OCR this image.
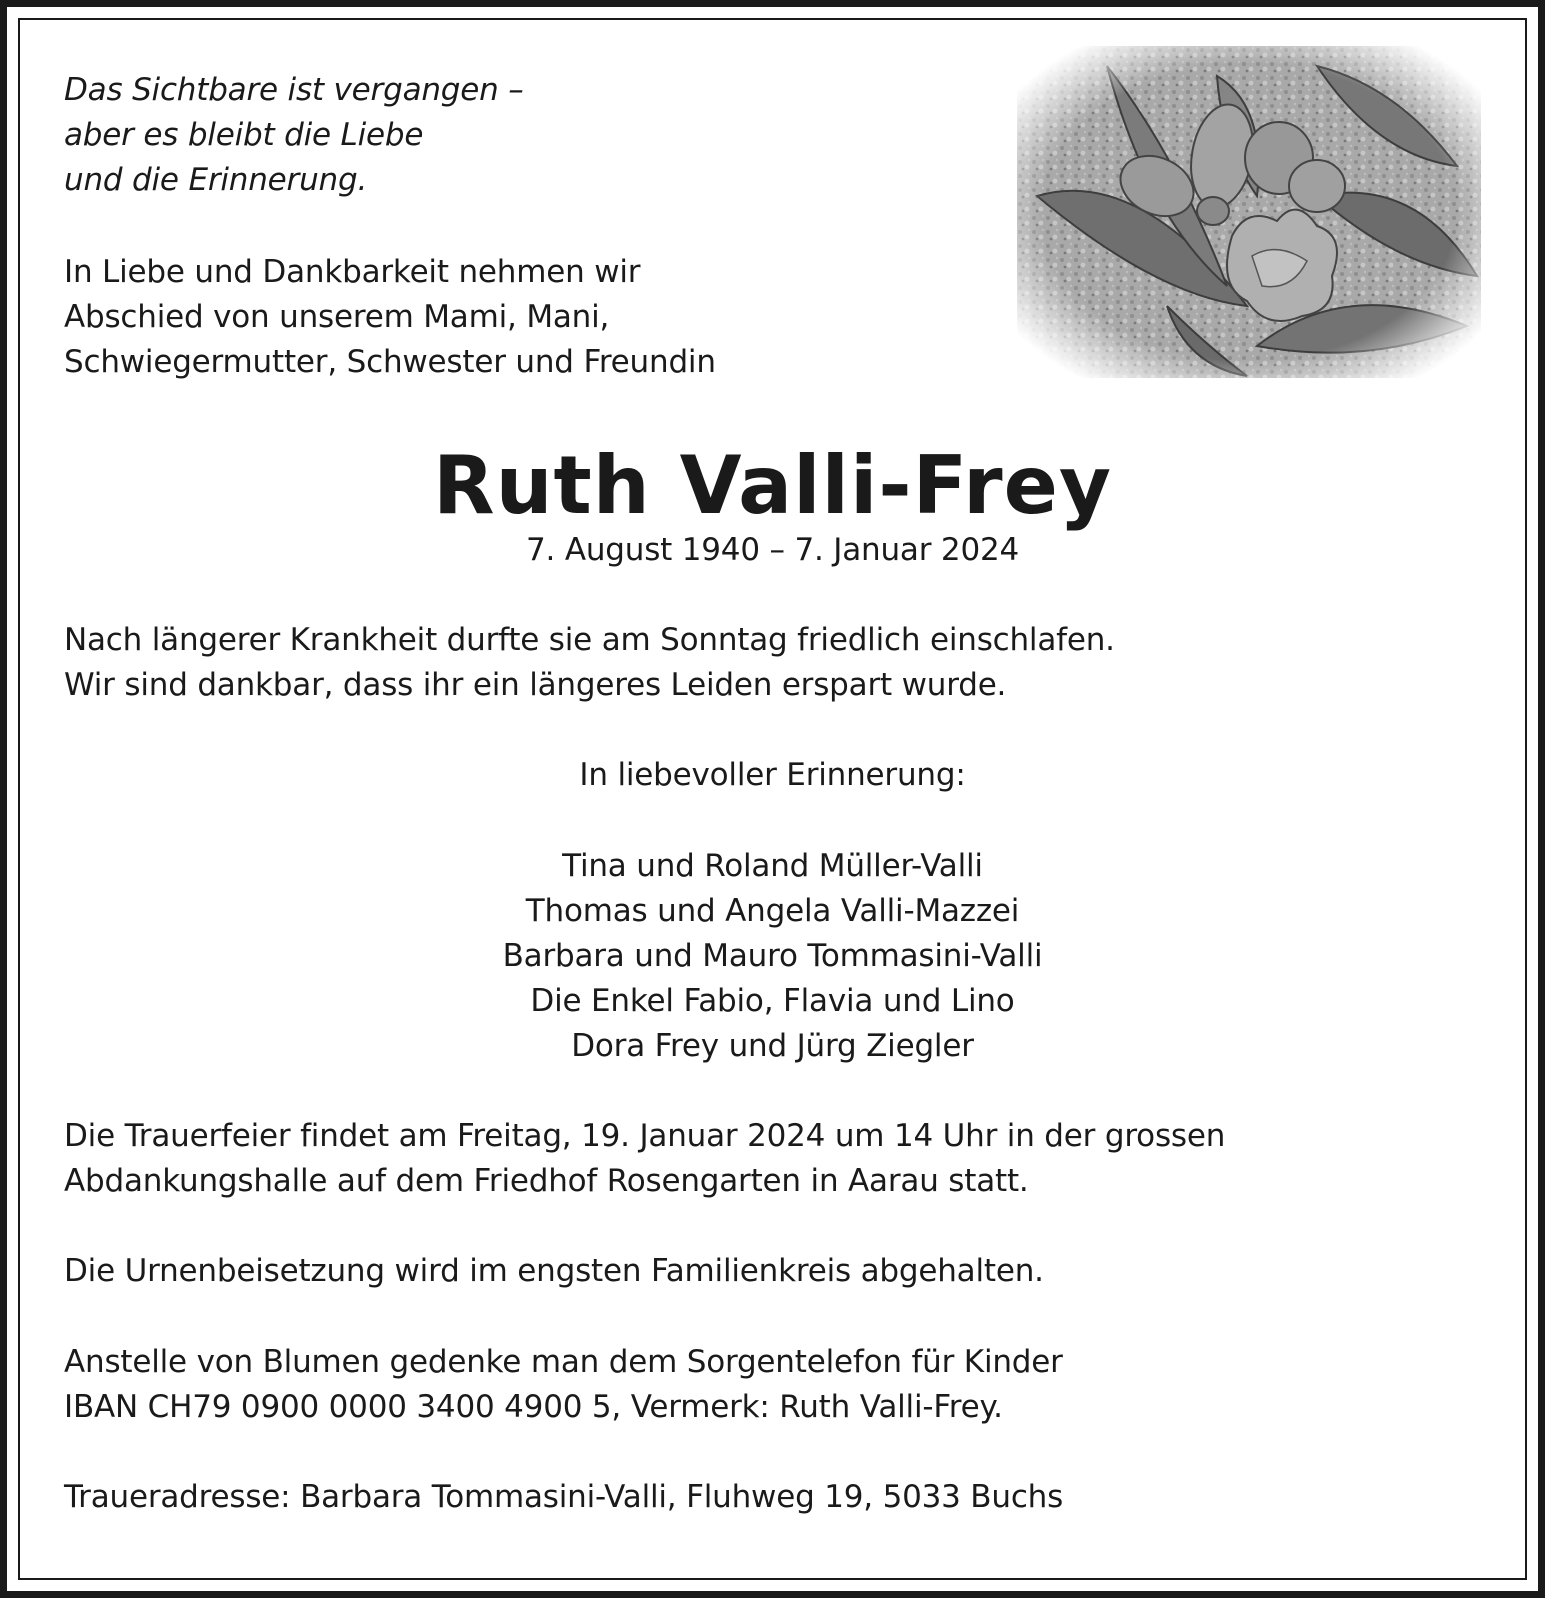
Das Sichtbare ist vergangen –
aber es bleibt die Liebe
und die Erinnerung.
In Liebe und Dankbarkeit nehmen wir
Abschied von unserem Mami, Mani,
Schwiegermutter, Schwester und Freundin
Ruth Valli-Frey
7. August 1940 – 7. Januar 2024
Nach längerer Krankheit durfte sie am Sonntag friedlich einschlafen.
Wir sind dankbar, dass ihr ein längeres Leiden erspart wurde.
In liebevoller Erinnerung:
Tina und Roland Müller-Valli
Thomas und Angela Valli-Mazzei
Barbara und Mauro Tommasini-Valli
Die Enkel Fabio, Flavia und Lino
Dora Frey und Jürg Ziegler
Die Trauerfeier findet am Freitag, 19. Januar 2024 um 14 Uhr in der grossen
Abdankungshalle auf dem Friedhof Rosengarten in Aarau statt.
Die Urnenbeisetzung wird im engsten Familienkreis abgehalten.
Anstelle von Blumen gedenke man dem Sorgentelefon für Kinder
IBAN CH79 0900 0000 3400 4900 5, Vermerk: Ruth Valli-Frey.
Traueradresse: Barbara Tommasini-Valli, Fluhweg 19, 5033 Buchs
